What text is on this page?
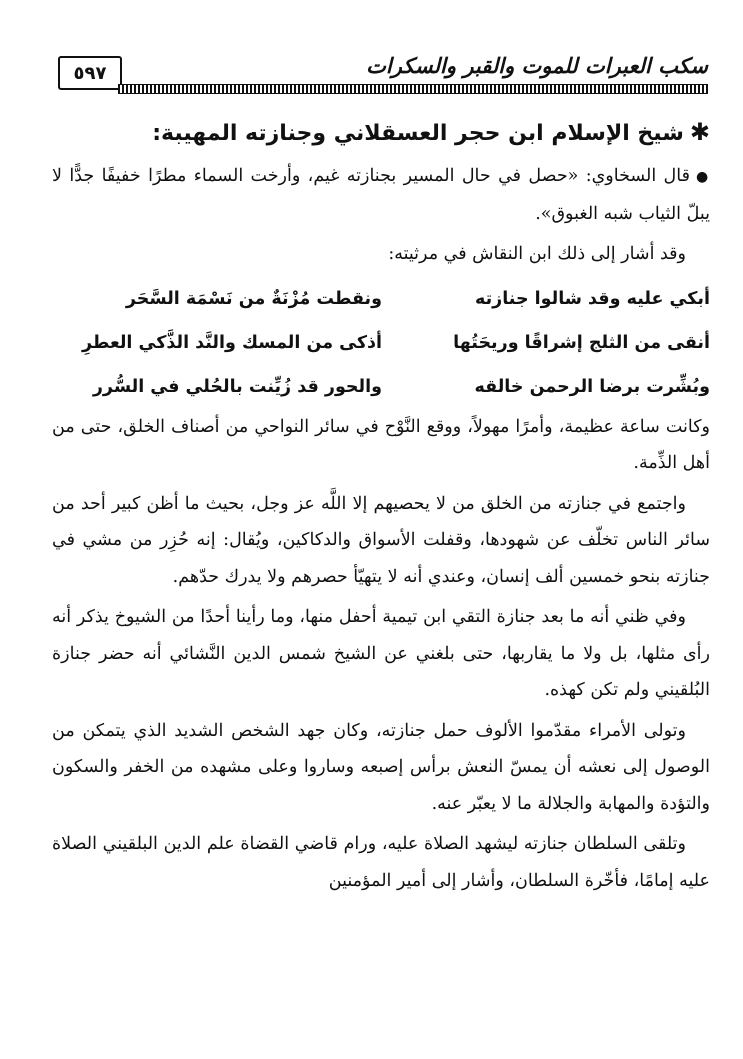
٥٩٧	سكب العبرات للموت والقبر والسكرات
✱شيخ الإسلام ابن حجر العسقلاني وجنازته المهيبة:

●قال السخاوي: «حصل في حال المسير بجنازته غيم، وأرخت السماء مطرًا خفيفًا جدًّا لا يبلّ الثياب شبه الغبوق».

وقد أشار إلى ذلك ابن النقاش في مرثيته:

أبكي عليه وقد شالوا جنازته
ونقطت مُزْنَةٌ من نَسْمَة السَّحَر
أنقى من الثلج إشراقًا وريحَتُها
أذكى من المسك والنَّد الذَّكي العطرِ
وبُشِّرت برضا الرحمن خالقه
والحور قد زُيِّنت بالحُلي في السُّرر

وكانت ساعة عظيمة، وأمرًا مهولاً، ووقع النَّوْح في سائر النواحي من أصناف الخلق، حتى من أهل الذِّمة.

واجتمع في جنازته من الخلق من لا يحصيهم إلا اللَّه عز وجل، بحيث ما أظن كبير أحد من سائر الناس تخلّف عن شهودها، وقفلت الأسواق والدكاكين، ويُقال: إنه حُزِر من مشي في جنازته بنحو خمسين ألف إنسان، وعندي أنه لا يتهيّأ حصرهم ولا يدرك حدّهم.

وفي ظني أنه ما بعد جنازة التقي ابن تيمية أحفل منها، وما رأينا أحدًا من الشيوخ يذكر أنه رأى مثلها، بل ولا ما يقاربها، حتى بلغني عن الشيخ شمس الدين النَّشائي أنه حضر جنازة البُلقيني ولم تكن كهذه.

وتولى الأمراء مقدّموا الألوف حمل جنازته، وكان جهد الشخص الشديد الذي يتمكن من الوصول إلى نعشه أن يمسّ النعش برأس إصبعه وساروا وعلى مشهده من الخفر والسكون والتؤدة والمهابة والجلالة ما لا يعبّر عنه.

وتلقى السلطان جنازته ليشهد الصلاة عليه، ورام قاضي القضاة علم الدين البلقيني الصلاة عليه إمامًا، فأخّرة السلطان، وأشار إلى أمير المؤمنين
